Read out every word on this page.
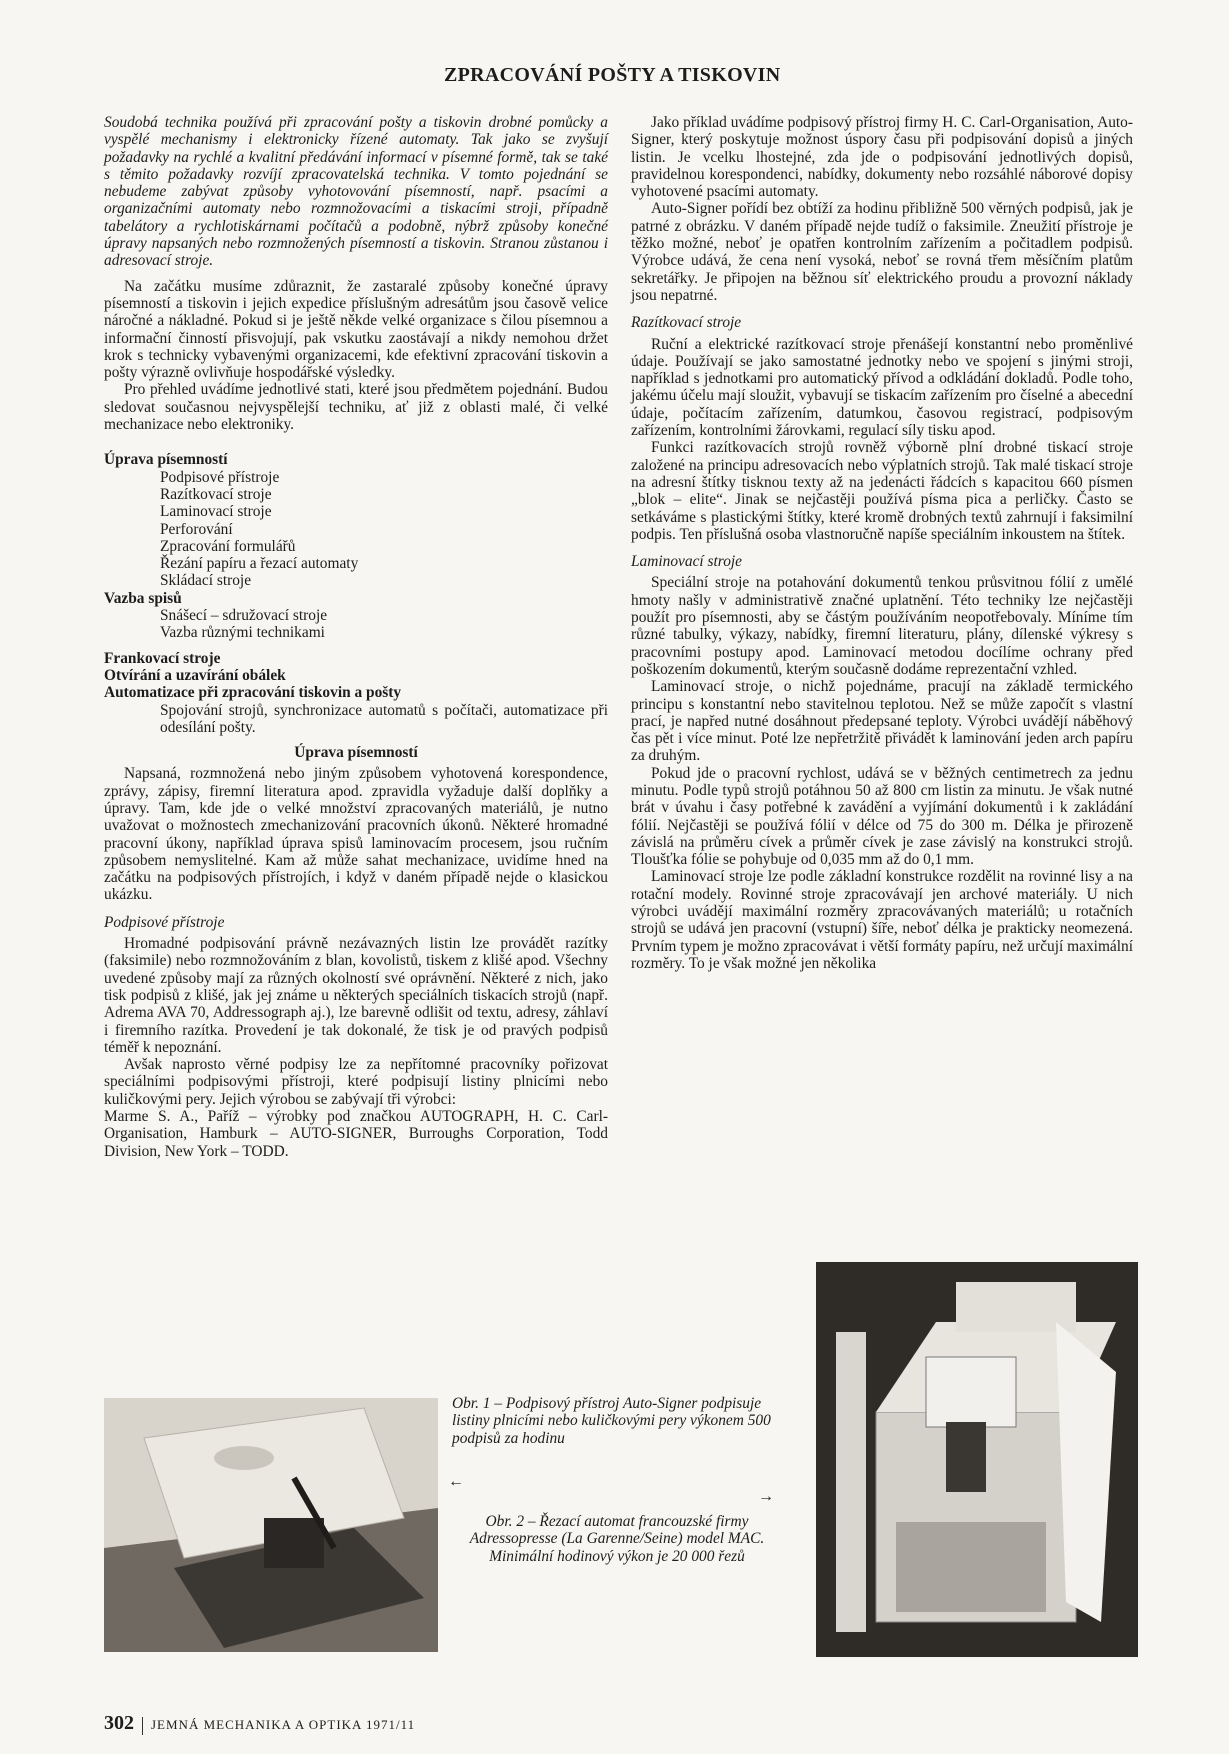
ZPRACOVÁNÍ POŠTY A TISKOVIN

Soudobá technika používá při zpracování pošty a tiskovin drobné pomůcky a vyspělé mechanismy i elektronicky řízené automaty. Tak jako se zvyšují požadavky na rychlé a kvalitní předávání informací v písemné formě, tak se také s těmito požadavky rozvíjí zpracovatelská technika. V tomto pojednání se nebudeme zabývat způsoby vyhotovování písemností, např. psacími a organizačními automaty nebo rozmnožovacími a tiskacími stroji, případně tabelátory a rychlotiskárnami počítačů a podobně, nýbrž způsoby konečné úpravy napsaných nebo rozmnožených písemností a tiskovin. Stranou zůstanou i adresovací stroje.

Na začátku musíme zdůraznit, že zastaralé způsoby konečné úpravy písemností a tiskovin i jejich expedice příslušným adresátům jsou časově velice náročné a nákladné. Pokud si je ještě někde velké organizace s čilou písemnou a informační činností přisvojují, pak vskutku zaostávají a nikdy nemohou držet krok s technicky vybavenými organizacemi, kde efektivní zpracování tiskovin a pošty výrazně ovlivňuje hospodářské výsledky.

Pro přehled uvádíme jednotlivé stati, které jsou předmětem pojednání. Budou sledovat současnou nejvyspělejší techniku, ať již z oblasti malé, či velké mechanizace nebo elektroniky.

Úprava písemností

Podpisové přístroje

Razítkovací stroje

Laminovací stroje

Perforování

Zpracování formulářů

Řezání papíru a řezací automaty

Skládací stroje

Vazba spisů

Snášecí – sdružovací stroje

Vazba různými technikami

Frankovací stroje

Otvírání a uzavírání obálek

Automatizace při zpracování tiskovin a pošty

Spojování strojů, synchronizace automatů s počítači, automatizace při odesílání pošty.

Úprava písemností

Napsaná, rozmnožená nebo jiným způsobem vyhotovená korespondence, zprávy, zápisy, firemní literatura apod. zpravidla vyžaduje další doplňky a úpravy. Tam, kde jde o velké množství zpracovaných materiálů, je nutno uvažovat o možnostech zmechanizování pracovních úkonů. Některé hromadné pracovní úkony, například úprava spisů laminovacím procesem, jsou ručním způsobem nemyslitelné. Kam až může sahat mechanizace, uvidíme hned na začátku na podpisových přístrojích, i když v daném případě nejde o klasickou ukázku.

Podpisové přístroje

Hromadné podpisování právně nezávazných listin lze provádět razítky (faksimile) nebo rozmnožováním z blan, kovolistů, tiskem z klišé apod. Všechny uvedené způsoby mají za různých okolností své oprávnění. Některé z nich, jako tisk podpisů z klišé, jak jej známe u některých speciálních tiskacích strojů (např. Adrema AVA 70, Addressograph aj.), lze barevně odlišit od textu, adresy, záhlaví i firemního razítka. Provedení je tak dokonalé, že tisk je od pravých podpisů téměř k nepoznání.

Avšak naprosto věrné podpisy lze za nepřítomné pracovníky pořizovat speciálními podpisovými přístroji, které podpisují listiny plnicími nebo kuličkovými pery. Jejich výrobou se zabývají tři výrobci:

Marme S. A., Paříž – výrobky pod značkou AUTOGRAPH, H. C. Carl-Organisation, Hamburk – AUTO-SIGNER, Burroughs Corporation, Todd Division, New York – TODD.

Jako příklad uvádíme podpisový přístroj firmy H. C. Carl-Organisation, Auto-Signer, který poskytuje možnost úspory času při podpisování dopisů a jiných listin. Je vcelku lhostejné, zda jde o podpisování jednotlivých dopisů, pravidelnou korespondenci, nabídky, dokumenty nebo rozsáhlé náborové dopisy vyhotovené psacími automaty.

Auto-Signer pořídí bez obtíží za hodinu přibližně 500 věrných podpisů, jak je patrné z obrázku. V daném případě nejde tudíž o faksimile. Zneužití přístroje je těžko možné, neboť je opatřen kontrolním zařízením a počitadlem podpisů. Výrobce udává, že cena není vysoká, neboť se rovná třem měsíčním platům sekretářky. Je připojen na běžnou síť elektrického proudu a provozní náklady jsou nepatrné.

Razítkovací stroje

Ruční a elektrické razítkovací stroje přenášejí konstantní nebo proměnlivé údaje. Používají se jako samostatné jednotky nebo ve spojení s jinými stroji, například s jednotkami pro automatický přívod a odkládání dokladů. Podle toho, jakému účelu mají sloužit, vybavují se tiskacím zařízením pro číselné a abecední údaje, počítacím zařízením, datumkou, časovou registrací, podpisovým zařízením, kontrolními žárovkami, regulací síly tisku apod.

Funkci razítkovacích strojů rovněž výborně plní drobné tiskací stroje založené na principu adresovacích nebo výplatních strojů. Tak malé tiskací stroje na adresní štítky tisknou texty až na jedenácti řádcích s kapacitou 660 písmen „blok – elite“. Jinak se nejčastěji používá písma pica a perličky. Často se setkáváme s plastickými štítky, které kromě drobných textů zahrnují i faksimilní podpis. Ten příslušná osoba vlastnoručně napíše speciálním inkoustem na štítek.

Laminovací stroje

Speciální stroje na potahování dokumentů tenkou průsvitnou fólií z umělé hmoty našly v administrativě značné uplatnění. Této techniky lze nejčastěji použít pro písemnosti, aby se částým používáním neopotřebovaly. Míníme tím různé tabulky, výkazy, nabídky, firemní literaturu, plány, dílenské výkresy s pracovními postupy apod. Laminovací metodou docílíme ochrany před poškozením dokumentů, kterým současně dodáme reprezentační vzhled.

Laminovací stroje, o nichž pojednáme, pracují na základě termického principu s konstantní nebo stavitelnou teplotou. Než se může započít s vlastní prací, je napřed nutné dosáhnout předepsané teploty. Výrobci uvádějí náběhový čas pět i více minut. Poté lze nepřetržitě přivádět k laminování jeden arch papíru za druhým.

Pokud jde o pracovní rychlost, udává se v běžných centimetrech za jednu minutu. Podle typů strojů potáhnou 50 až 800 cm listin za minutu. Je však nutné brát v úvahu i časy potřebné k zavádění a vyjímání dokumentů i k zakládání fólií. Nejčastěji se používá fólií v délce od 75 do 300 m. Délka je přirozeně závislá na průměru cívek a průměr cívek je zase závislý na konstrukci strojů. Tloušťka fólie se pohybuje od 0,035 mm až do 0,1 mm.

Laminovací stroje lze podle základní konstrukce rozdělit na rovinné lisy a na rotační modely. Rovinné stroje zpracovávají jen archové materiály. U nich výrobci uvádějí maximální rozměry zpracovávaných materiálů; u rotačních strojů se udává jen pracovní (vstupní) šíře, neboť délka je prakticky neomezená. Prvním typem je možno zpracovávat i větší formáty papíru, než určují maximální rozměry. To je však možné jen několika

Obr. 1 – Podpisový přístroj Auto-Signer podpisuje listiny plnicími nebo kuličkovými pery výkonem 500 podpisů za hodinu
←
→
Obr. 2 – Řezací automat francouzské firmy Adressopresse (La Garenne/Seine) model MAC. Minimální hodinový výkon je 20 000 řezů
302 JEMNÁ MECHANIKA A OPTIKA 1971/11
